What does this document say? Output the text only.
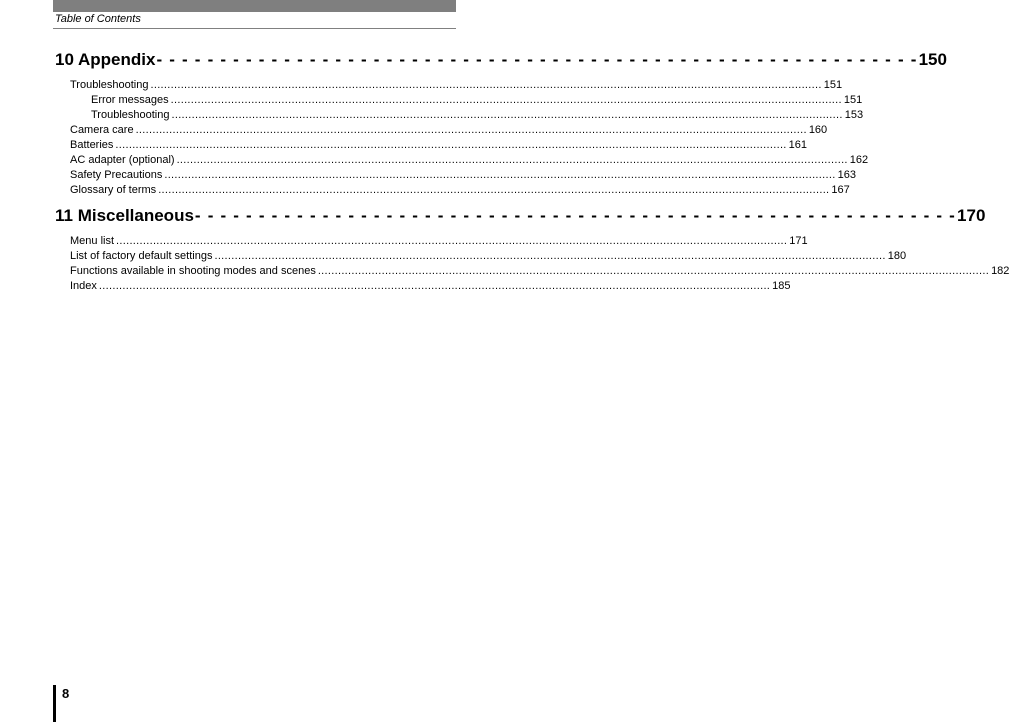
Table of Contents
10 Appendix - - - - - - - - - - - - - - - - - - - - - - - - - - - - - - - - - - - - - - - - - - - - - - - - - - - - - - - - - - - - 150
Troubleshooting ........................................................................................................................................................................................................ 151
Error messages ........................................................................................................................................................................................................ 151
Troubleshooting ........................................................................................................................................................................................................ 153
Camera care ........................................................................................................................................................................................................ 160
Batteries ........................................................................................................................................................................................................ 161
AC adapter (optional) ........................................................................................................................................................................................................ 162
Safety Precautions ........................................................................................................................................................................................................ 163
Glossary of terms ........................................................................................................................................................................................................ 167
11 Miscellaneous - - - - - - - - - - - - - - - - - - - - - - - - - - - - - - - - - - - - - - - - - - - - - - - - - - - - - - - - - - - - 170
Menu list ........................................................................................................................................................................................................ 171
List of factory default settings ........................................................................................................................................................................................................ 180
Functions available in shooting modes and scenes ........................................................................................................................................................................................................ 182
Index ........................................................................................................................................................................................................ 185
8
